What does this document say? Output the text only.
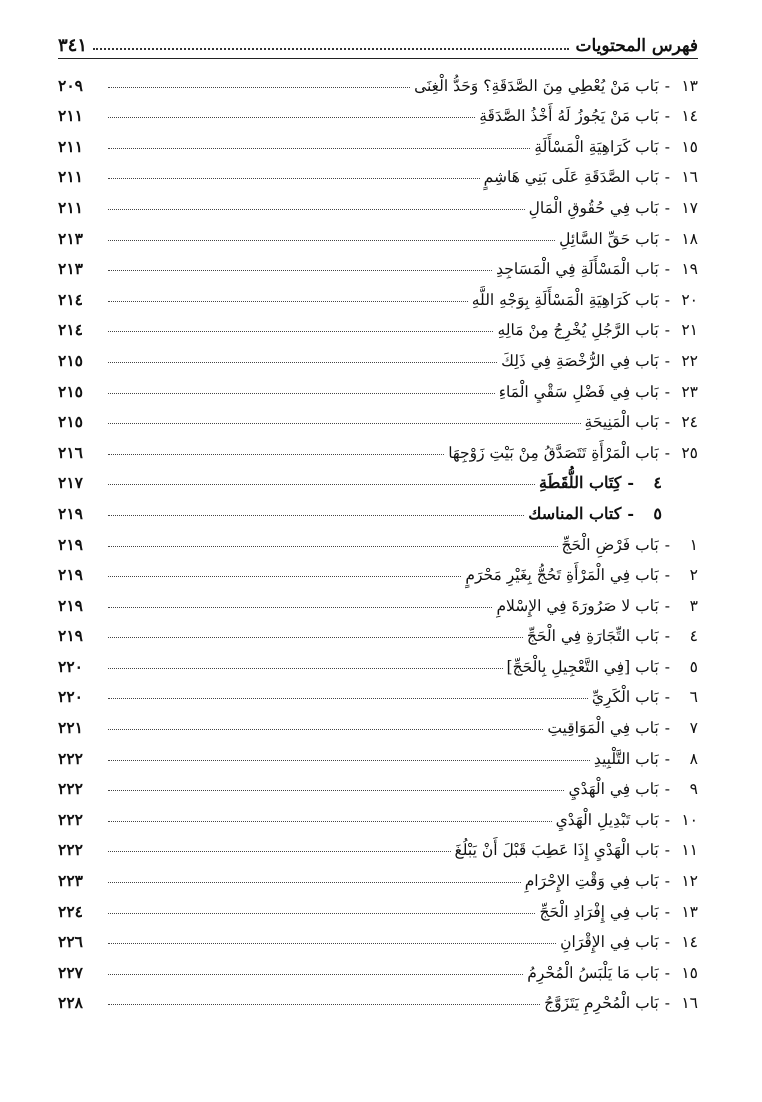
فهرس المحتويات
٣٤١
١٣
-
بَاب مَنْ يُعْطِي مِنَ الصَّدَقَةِ؟ وَحَدُّ الْغِنَى
٢٠٩
١٤
-
بَاب مَنْ يَجُوزُ لَهُ أَخْذُ الصَّدَقَةِ
٢١١
١٥
-
بَاب كَرَاهِيَةِ الْمَسْأَلَةِ
٢١١
١٦
-
بَاب الصَّدَقَةِ عَلَى بَنِي هَاشِمٍ
٢١١
١٧
-
بَاب فِي حُقُوقِ الْمَالِ
٢١١
١٨
-
بَاب حَقِّ السَّائِلِ
٢١٣
١٩
-
بَاب الْمَسْأَلَةِ فِي الْمَسَاجِدِ
٢١٣
٢٠
-
بَاب كَرَاهِيَةِ الْمَسْأَلَةِ بِوَجْهِ اللَّهِ
٢١٤
٢١
-
بَاب الرَّجُلِ يُخْرِجُ مِنْ مَالِهِ
٢١٤
٢٢
-
بَاب فِي الرُّخْصَةِ فِي ذَلِكَ
٢١٥
٢٣
-
بَاب فِي فَضْلِ سَقْيِ الْمَاءِ
٢١٥
٢٤
-
بَاب الْمَنِيحَةِ
٢١٥
٢٥
-
بَاب الْمَرْأَةِ تَتَصَدَّقُ مِنْ بَيْتِ زَوْجِهَا
٢١٦
٤
-
كِتَاب اللُّقَطَةِ
٢١٧
٥
-
كتاب المناسك
٢١٩
١
-
بَاب فَرْضِ الْحَجِّ
٢١٩
٢
-
بَاب فِي الْمَرْأَةِ تَحُجُّ بِغَيْرِ مَحْرَمٍ
٢١٩
٣
-
بَاب لا صَرُورَةَ فِي الإِسْلامِ
٢١٩
٤
-
بَاب التِّجَارَةِ فِي الْحَجِّ
٢١٩
٥
-
بَاب [فِي التَّعْجِيلِ بِالْحَجِّ]
٢٢٠
٦
-
بَاب الْكَرِيِّ
٢٢٠
٧
-
بَاب فِي الْمَوَاقِيتِ
٢٢١
٨
-
بَاب التَّلْبِيدِ
٢٢٢
٩
-
بَاب فِي الْهَدْيِ
٢٢٢
١٠
-
بَاب تَبْدِيلِ الْهَدْيِ
٢٢٢
١١
-
بَاب الْهَدْيِ إِذَا عَطِبَ قَبْلَ أَنْ يَبْلُغَ
٢٢٢
١٢
-
بَاب فِي وَقْتِ الإِحْرَامِ
٢٢٣
١٣
-
بَاب فِي إِفْرَادِ الْحَجِّ
٢٢٤
١٤
-
بَاب فِي الإِقْرَانِ
٢٢٦
١٥
-
بَاب مَا يَلْبَسُ الْمُحْرِمُ
٢٢٧
١٦
-
بَاب الْمُحْرِمِ يَتَزَوَّجُ
٢٢٨
